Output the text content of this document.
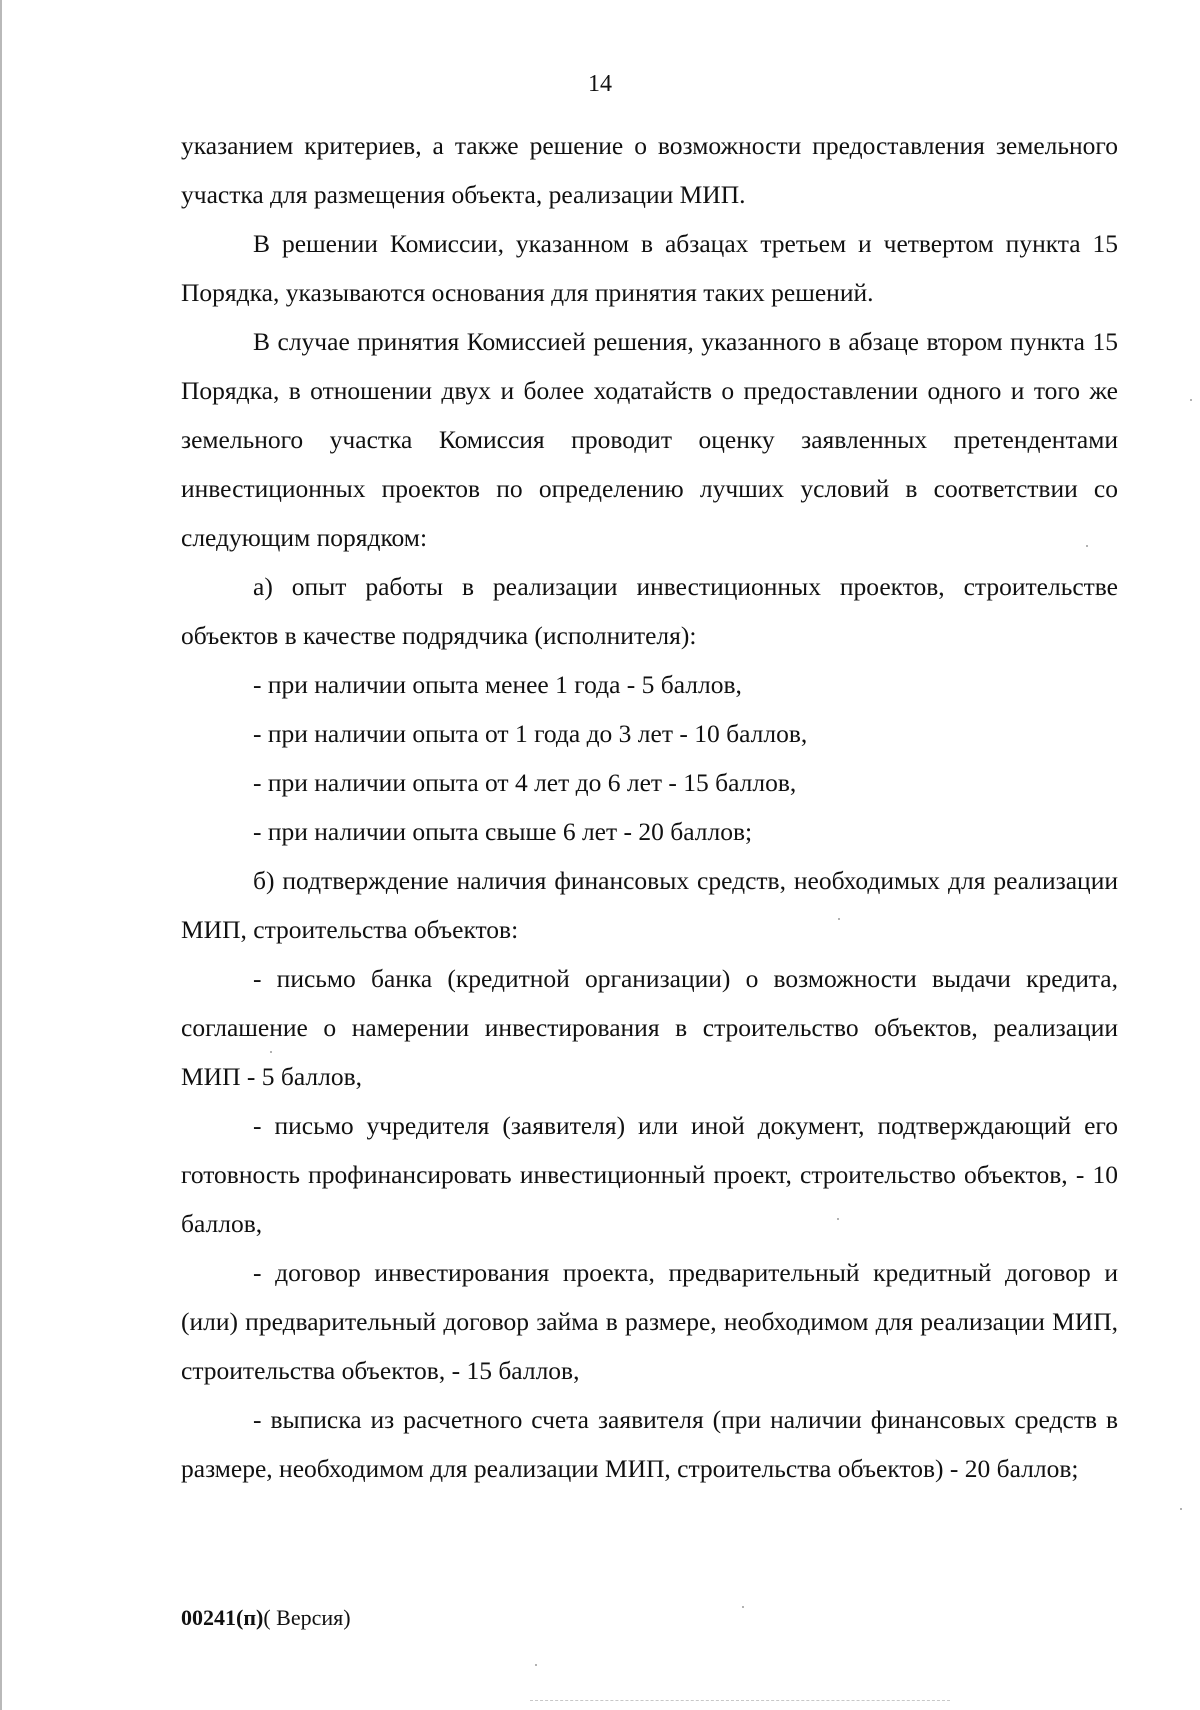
14

указанием критериев, а также решение о возможности предоставления земельного участка для размещения объекта, реализации МИП.

В решении Комиссии, указанном в абзацах третьем и четвертом пункта 15 Порядка, указываются основания для принятия таких решений.

В случае принятия Комиссией решения, указанного в абзаце втором пункта 15 Порядка, в отношении двух и более ходатайств о предоставлении одного и того же земельного участка Комиссия проводит оценку заявленных претендентами инвестиционных проектов по определению лучших условий в соответствии со следующим порядком:

а) опыт работы в реализации инвестиционных проектов, строительстве объектов в качестве подрядчика (исполнителя):

- при наличии опыта менее 1 года - 5 баллов,

- при наличии опыта от 1 года до 3 лет - 10 баллов,

- при наличии опыта от 4 лет до 6 лет - 15 баллов,

- при наличии опыта свыше 6 лет - 20 баллов;

б) подтверждение наличия финансовых средств, необходимых для реализации МИП, строительства объектов:

- письмо банка (кредитной организации) о возможности выдачи кредита, соглашение о намерении инвестирования в строительство объектов, реализации МИП - 5 баллов,

- письмо учредителя (заявителя) или иной документ, подтверждающий его готовность профинансировать инвестиционный проект, строительство объектов, - 10 баллов,

- договор инвестирования проекта, предварительный кредитный договор и (или) предварительный договор займа в размере, необходимом для реализации МИП, строительства объектов, - 15 баллов,

- выписка из расчетного счета заявителя (при наличии финансовых средств в размере, необходимом для реализации МИП, строительства объектов) - 20 баллов;

00241(п)( Версия)
